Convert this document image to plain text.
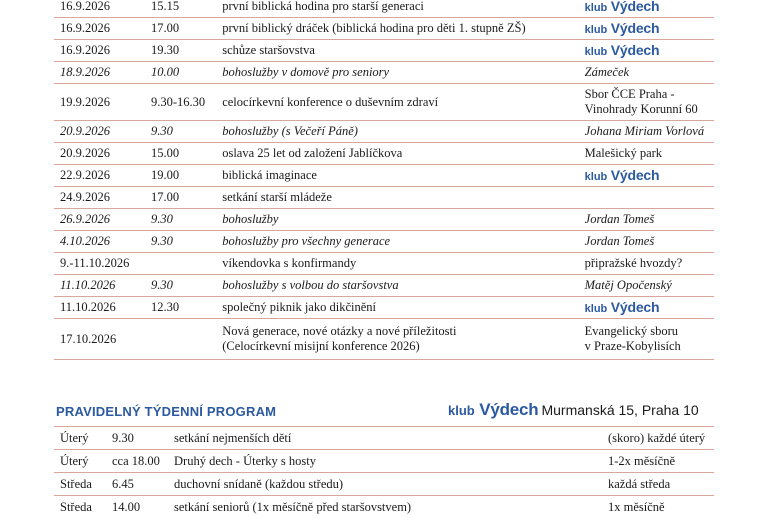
16.9.2026	15.15	první biblická hodina pro starší generaci	klub Výdech
16.9.2026	17.00	první biblický dráček (biblická hodina pro děti 1. stupně ZŠ)	klub Výdech
16.9.2026	19.30	schůze staršovstva	klub Výdech
18.9.2026	10.00	bohoslužby v domově pro seniory	Zámeček
19.9.2026	9.30-16.30	celocírkevní konference o duševním zdraví	Sbor ČCE Praha -
Vinohrady Korunní 60
20.9.2026	9.30	bohoslužby (s Večeří Páně)	Johana Miriam Vorlová
20.9.2026	15.00	oslava 25 let od založení Jablíčkova	Malešický park
22.9.2026	19.00	biblická imaginace	klub Výdech
24.9.2026	17.00	setkání starší mládeže	
26.9.2026	9.30	bohoslužby	Jordan Tomeš
4.10.2026	9.30	bohoslužby pro všechny generace	Jordan Tomeš
9.-11.10.2026		víkendovka s konfirmandy	připražské hvozdy?
11.10.2026	9.30	bohoslužby s volbou do staršovstva	Matěj Opočenský
11.10.2026	12.30	společný piknik jako dikčinění	klub Výdech
17.10.2026		Nová generace, nové otázky a nové příležitosti
(Celocírkevní misijní konference 2026)	Evangelický sboru
v Praze-Kobylisích
PRAVIDELNÝ TÝDENNÍ PROGRAM	klub Výdech Murmanská 15, Praha 10
Úterý	9.30	setkání nejmenších dětí	(skoro) každé úterý
Úterý	cca 18.00	Druhý dech - Úterky s hosty	1-2x měsíčně
Středa	6.45	duchovní snídaně (každou středu)	každá středa
Středa	14.00	setkání seniorů (1x měsíčně před staršovstvem)	1x měsíčně
